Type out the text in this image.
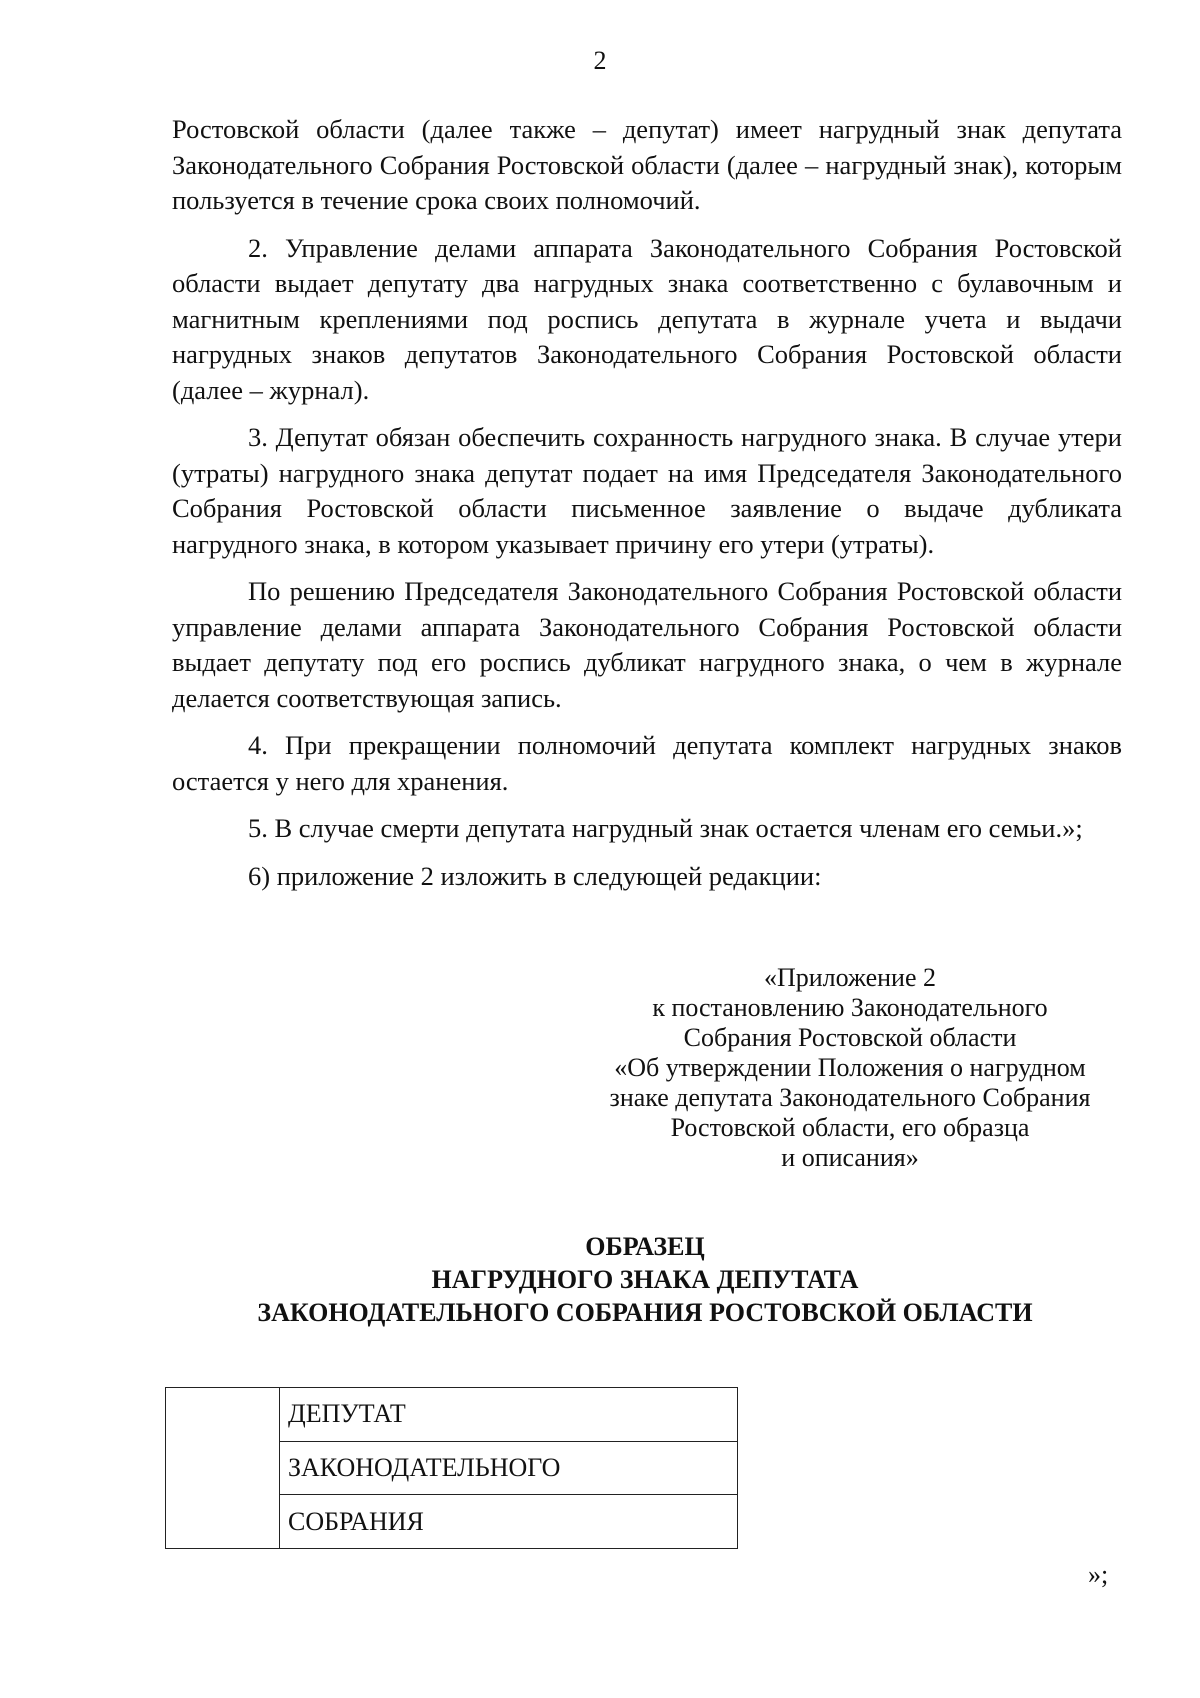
2

Ростовской области (далее также – депутат) имеет нагрудный знак депутата Законодательного Собрания Ростовской области (далее – нагрудный знак), которым пользуется в течение срока своих полномочий.

2. Управление делами аппарата Законодательного Собрания Ростовской области выдает депутату два нагрудных знака соответственно с булавочным и магнитным креплениями под роспись депутата в журнале учета и выдачи нагрудных знаков депутатов Законодательного Собрания Ростовской области (далее – журнал).

3. Депутат обязан обеспечить сохранность нагрудного знака. В случае утери (утраты) нагрудного знака депутат подает на имя Председателя Законодательного Собрания Ростовской области письменное заявление о выдаче дубликата нагрудного знака, в котором указывает причину его утери (утраты).

По решению Председателя Законодательного Собрания Ростовской области управление делами аппарата Законодательного Собрания Ростовской области выдает депутату под его роспись дубликат нагрудного знака, о чем в журнале делается соответствующая запись.

4. При прекращении полномочий депутата комплект нагрудных знаков остается у него для хранения.

5. В случае смерти депутата нагрудный знак остается членам его семьи.»;

6) приложение 2 изложить в следующей редакции:

«Приложение 2
к постановлению Законодательного
Собрания Ростовской области
«Об утверждении Положения о нагрудном
знаке депутата Законодательного Собрания
Ростовской области, его образца
и описания»
ОБРАЗЕЦ
НАГРУДНОГО ЗНАКА ДЕПУТАТА
ЗАКОНОДАТЕЛЬНОГО СОБРАНИЯ РОСТОВСКОЙ ОБЛАСТИ
ДЕПУТАТ
ЗАКОНОДАТЕЛЬНОГО
СОБРАНИЯ
»;
